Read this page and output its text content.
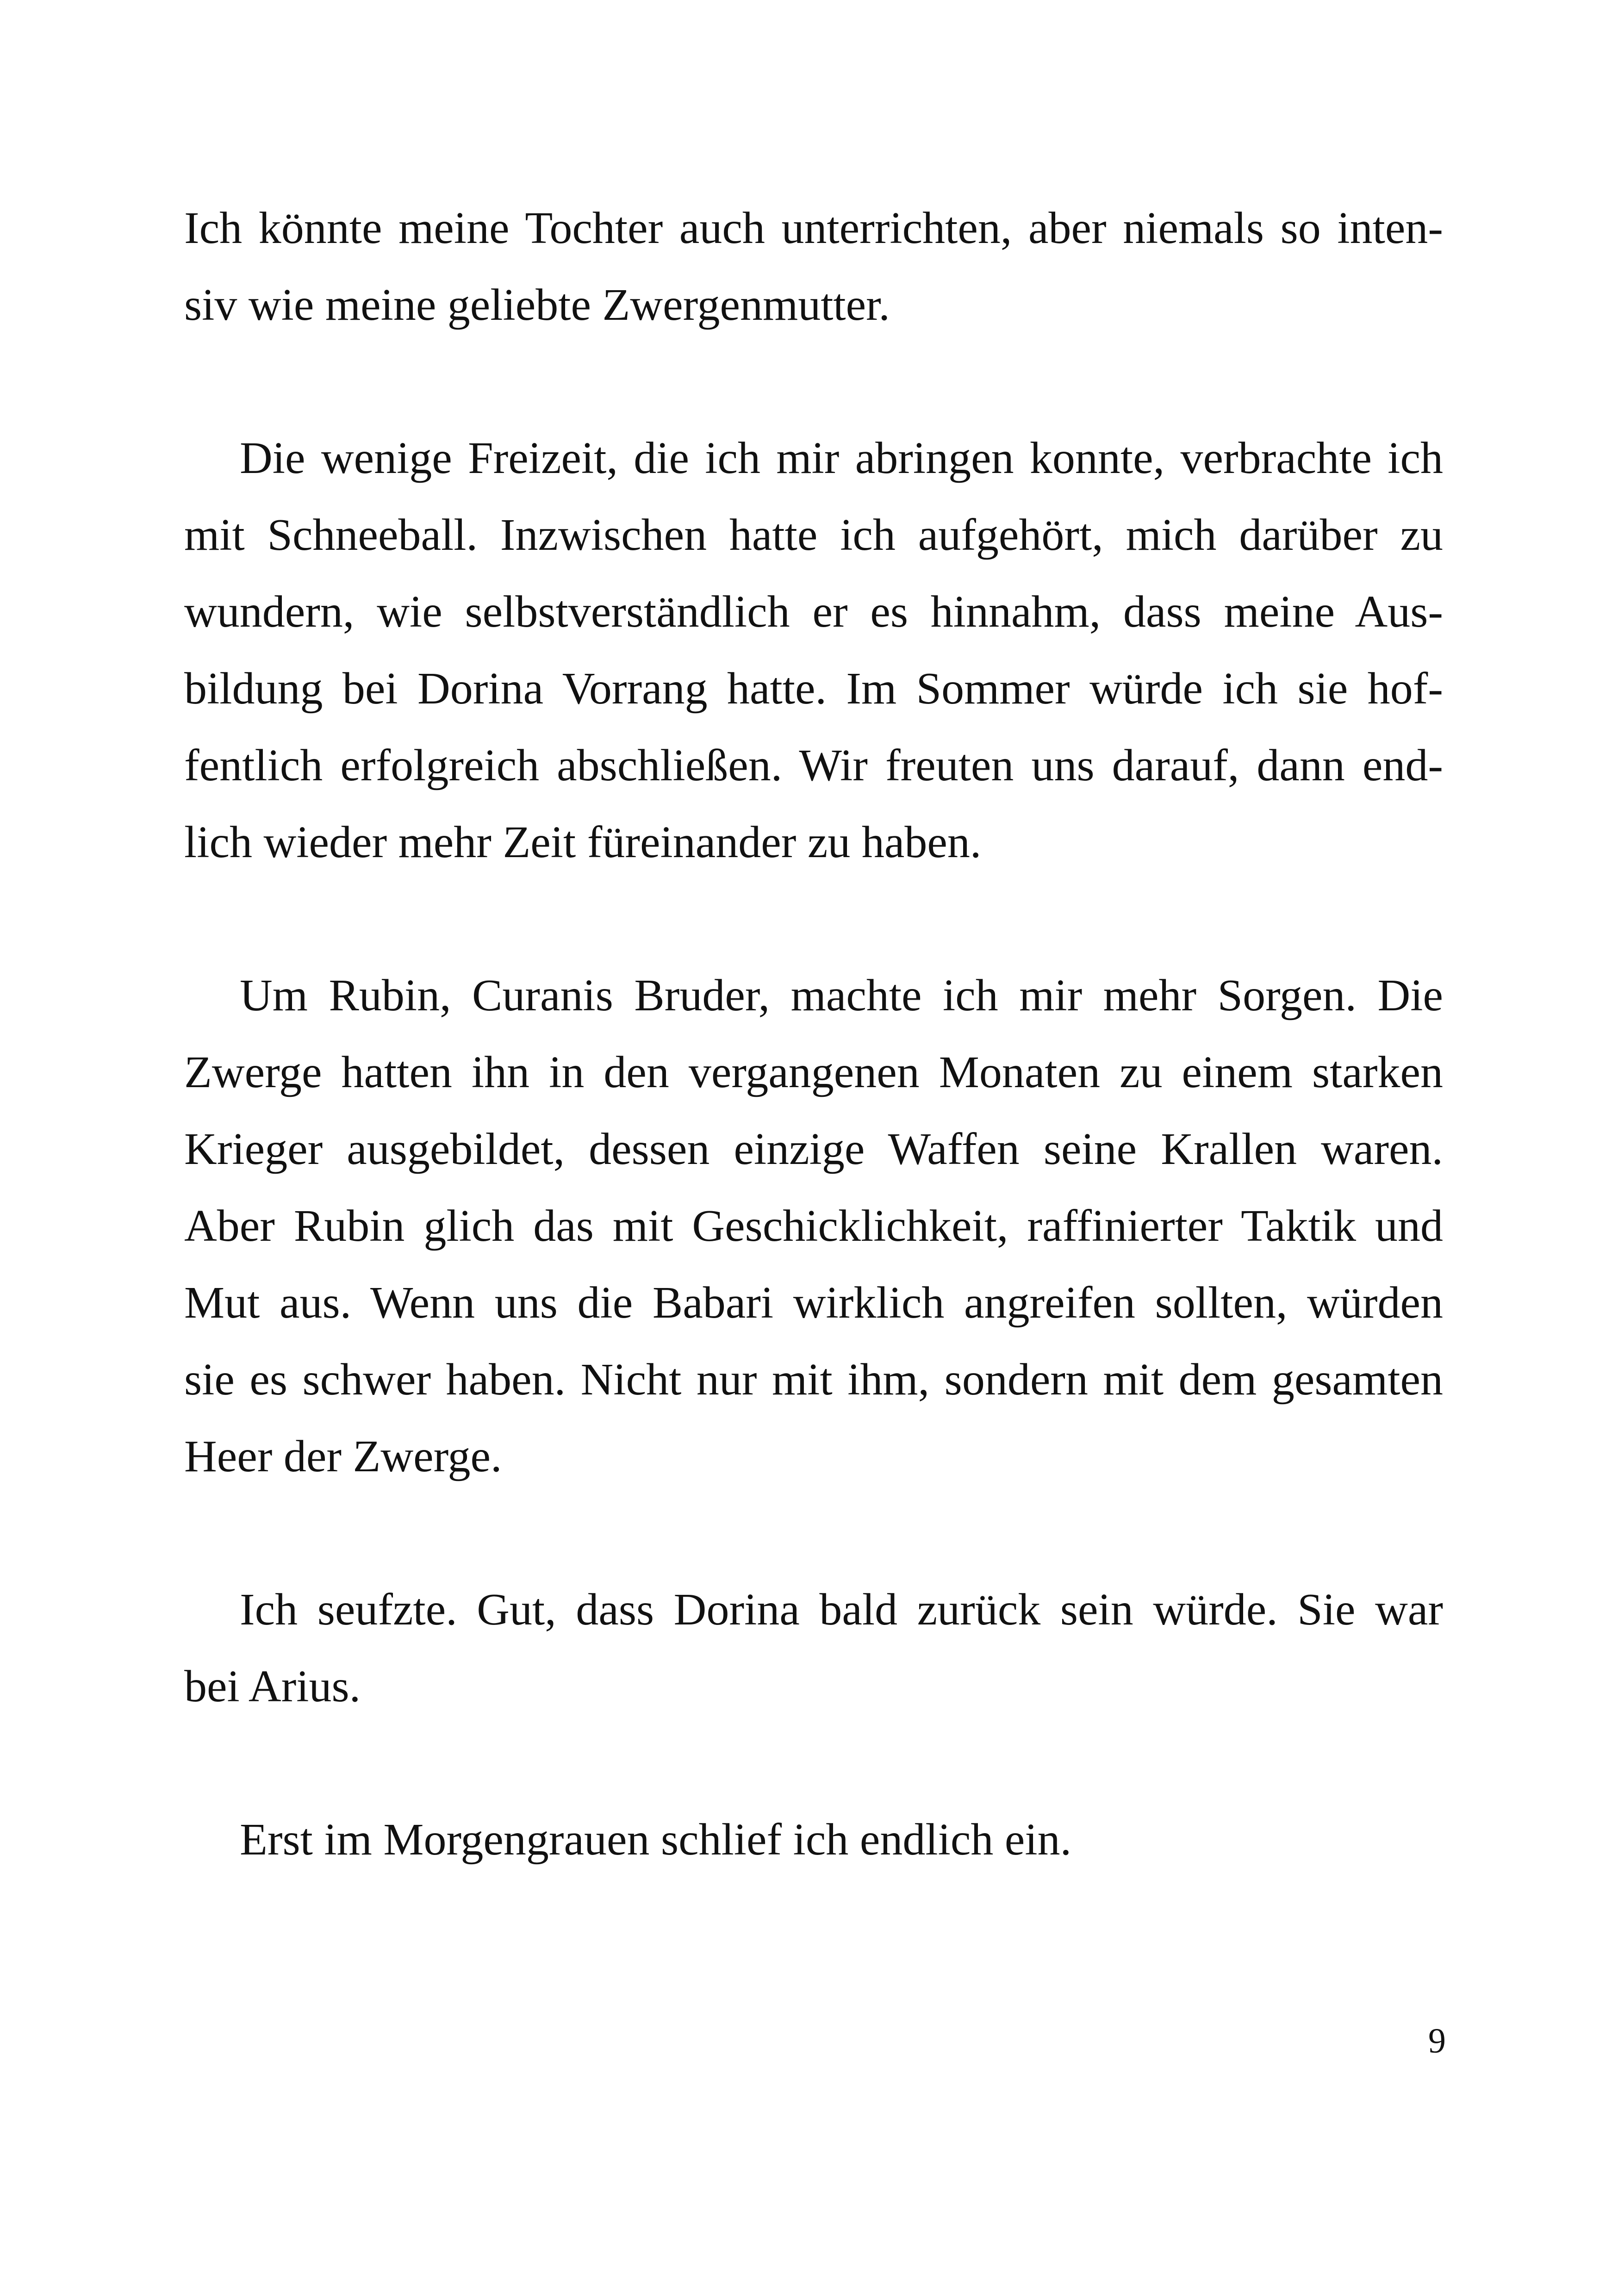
Ich könnte meine Tochter auch unterrichten, aber niemals so inten-
siv wie meine geliebte Zwergenmutter.

Die wenige Freizeit, die ich mir abringen konnte, verbrachte ich
mit Schneeball. Inzwischen hatte ich aufgehört, mich darüber zu
wundern, wie selbstverständlich er es hinnahm, dass meine Aus-
bildung bei Dorina Vorrang hatte. Im Sommer würde ich sie hof-
fentlich erfolgreich abschließen. Wir freuten uns darauf, dann end-
lich wieder mehr Zeit füreinander zu haben.

Um Rubin, Curanis Bruder, machte ich mir mehr Sorgen. Die
Zwerge hatten ihn in den vergangenen Monaten zu einem starken
Krieger ausgebildet, dessen einzige Waffen seine Krallen waren.
Aber Rubin glich das mit Geschicklichkeit, raffinierter Taktik und
Mut aus. Wenn uns die Babari wirklich angreifen sollten, würden
sie es schwer haben. Nicht nur mit ihm, sondern mit dem gesamten
Heer der Zwerge.

Ich seufzte. Gut, dass Dorina bald zurück sein würde. Sie war
bei Arius.

Erst im Morgengrauen schlief ich endlich ein.

9
